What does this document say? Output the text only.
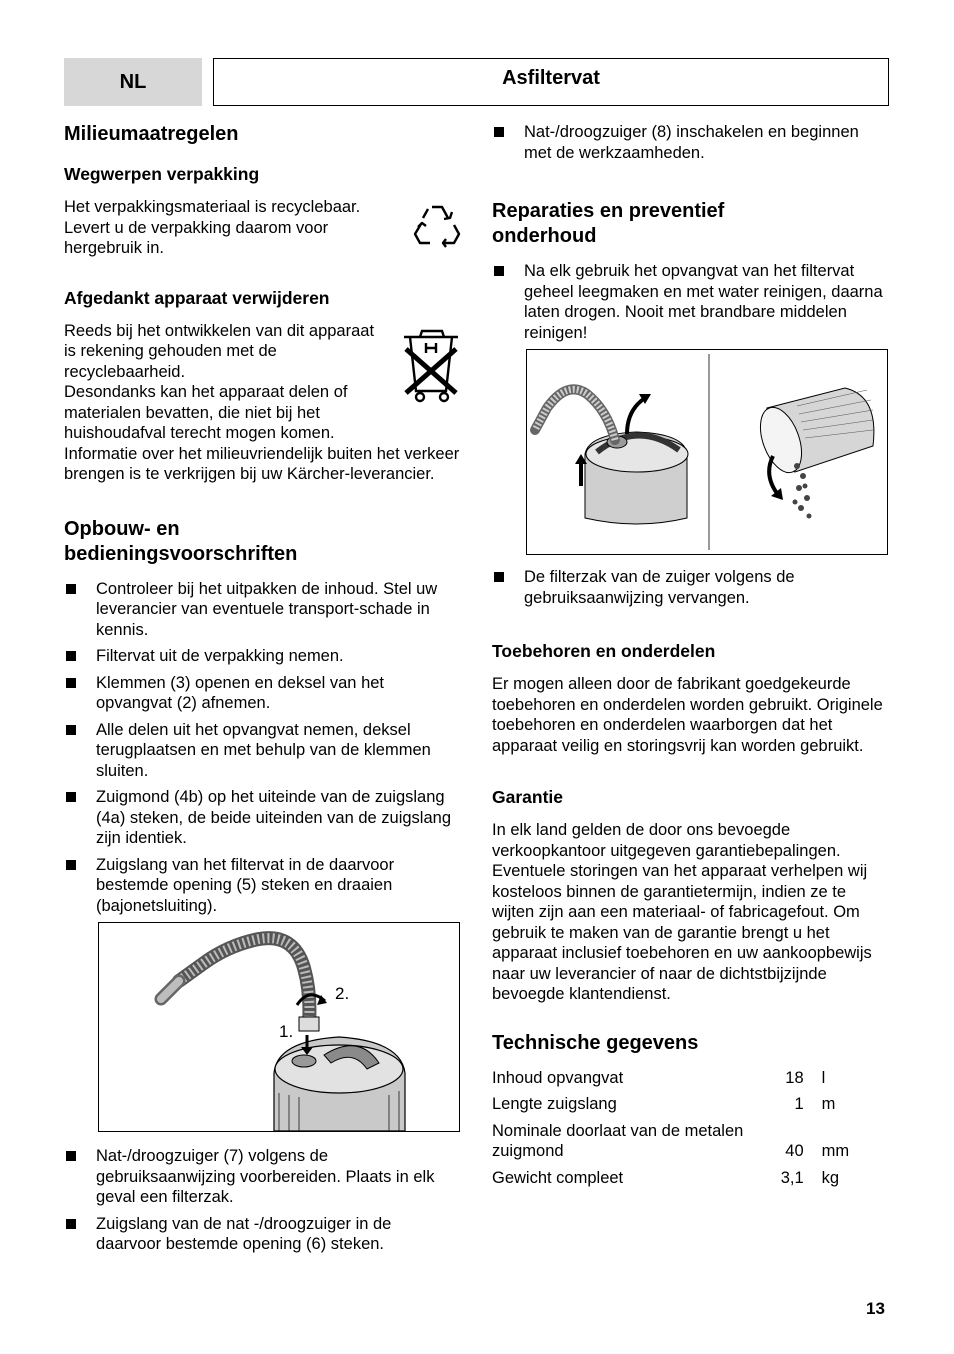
NL	Asfiltervat
Milieumaatregelen
Wegwerpen verpakking

Het verpakkingsmateriaal is recyclebaar. Levert u de verpakking daarom voor hergebruik in.

Afgedankt apparaat verwijderen

Reeds bij het ontwikkelen van dit apparaat is rekening gehouden met de recyclebaarheid.

Desondanks kan het apparaat delen of materialen bevatten, die niet bij het huishoudafval terecht mogen komen.

Informatie over het milieuvriendelijk buiten het verkeer brengen is te verkrijgen bij uw Kärcher-leverancier.

Opbouw- en bedieningsvoorschriften
Controleer bij het uitpakken de inhoud. Stel uw leverancier van eventuele transport-schade in kennis.
Filtervat uit de verpakking nemen.
Klemmen (3) openen en deksel van het opvangvat (2) afnemen.
Alle delen uit het opvangvat nemen, deksel terugplaatsen en met behulp van de klemmen sluiten.
Zuigmond (4b) op het uiteinde van de zuigslang (4a) steken, de beide uiteinden van de zuigslang zijn identiek.
Zuigslang van het filtervat in de daarvoor bestemde opening (5) steken en draaien (bajonetsluiting).
2.
1.
Nat-/droogzuiger (7) volgens de gebruiksaanwijzing voorbereiden. Plaats in elk geval een filterzak.
Zuigslang van de nat -/droogzuiger in de daarvoor bestemde opening (6) steken.
Nat-/droogzuiger (8) inschakelen en beginnen met de werkzaamheden.
Reparaties en preventief onderhoud
Na elk gebruik het opvangvat van het filtervat geheel leegmaken en met water reinigen, daarna laten drogen. Nooit met brandbare middelen reinigen!
De filterzak van de zuiger volgens de gebruiksaanwijzing vervangen.
Toebehoren en onderdelen

Er mogen alleen door de fabrikant goedgekeurde toebehoren en onderdelen worden gebruikt. Originele toebehoren en onderdelen waarborgen dat het apparaat veilig en storingsvrij kan worden gebruikt.

Garantie

In elk land gelden de door ons bevoegde verkoopkantoor uitgegeven garantiebepalingen. Eventuele storingen van het apparaat verhelpen wij kosteloos binnen de garantietermijn, indien ze te wijten zijn aan een materiaal- of fabricagefout. Om gebruik te maken van de garantie brengt u het apparaat inclusief toebehoren en uw aankoopbewijs naar uw leverancier of naar de dichtstbijzijnde bevoegde klantendienst.

Technische gegevens
Inhoud opvangvat	18	l
Lengte zuigslang	1	m
Nominale doorlaat van de metalen zuigmond	40	mm
Gewicht compleet	3,1	kg
13
